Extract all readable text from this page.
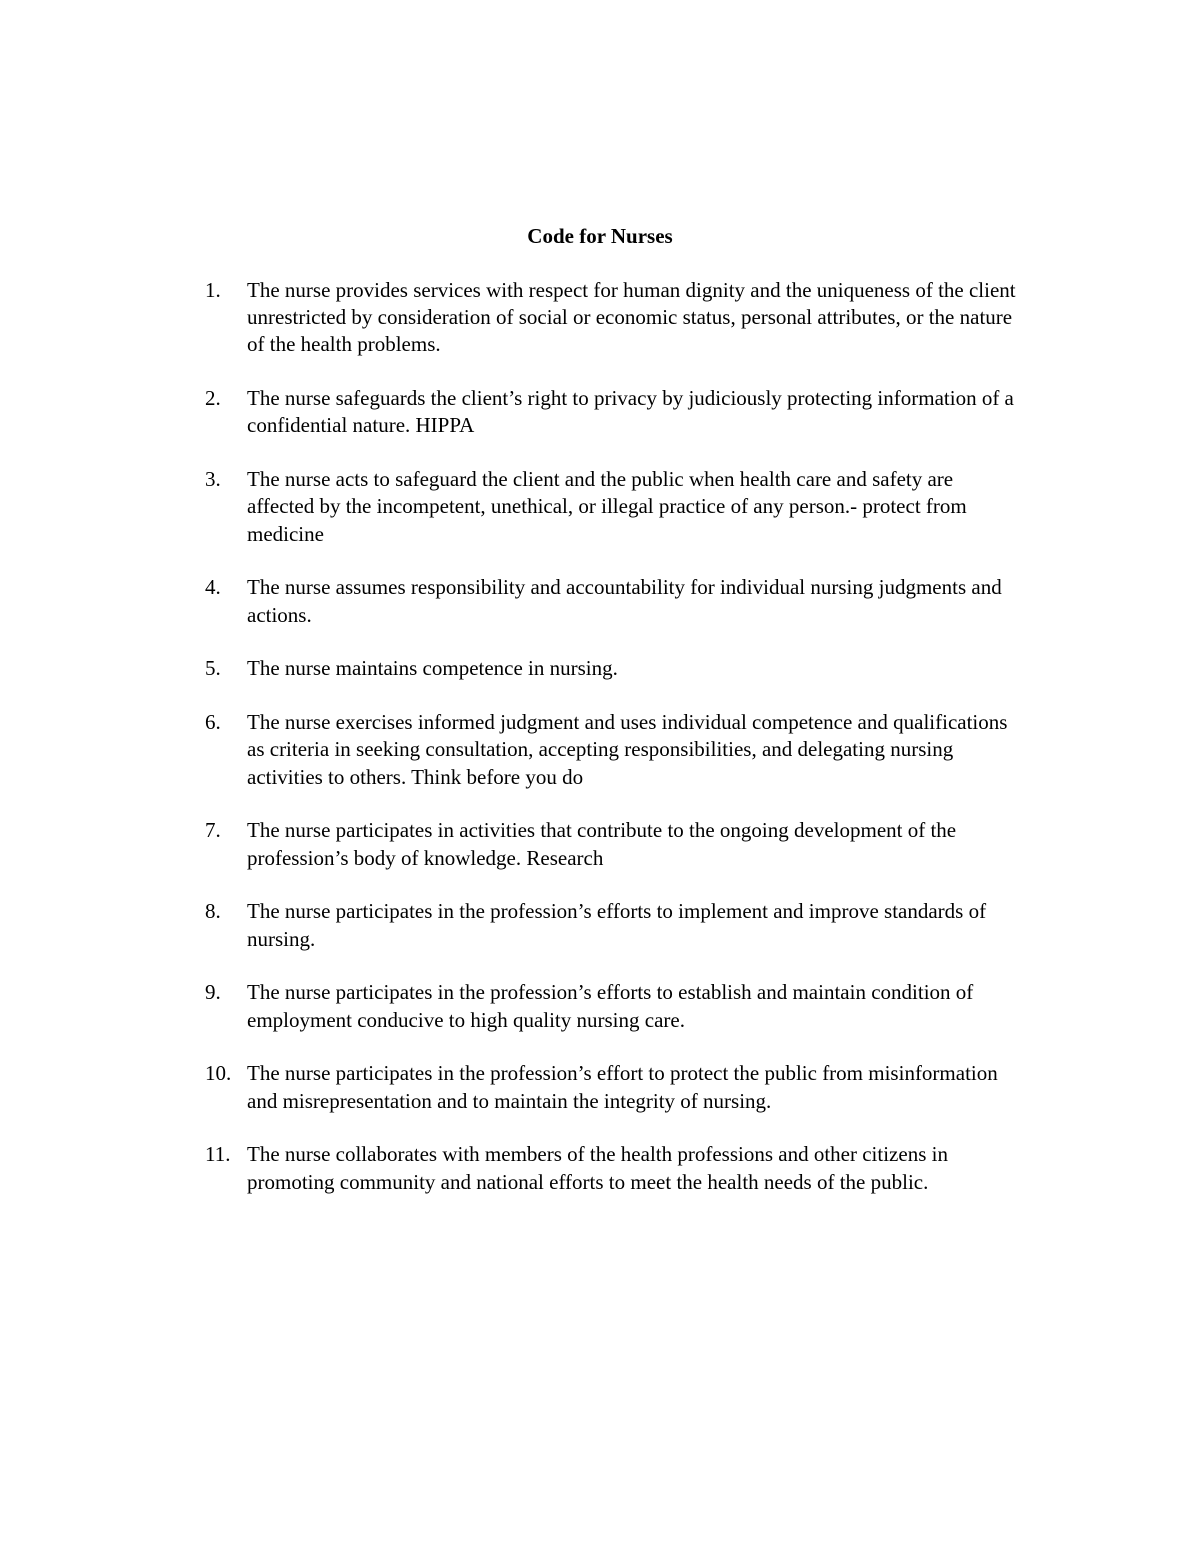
Code for Nurses
1.	The nurse provides services with respect for human dignity and the uniqueness of the client unrestricted by consideration of social or economic status, personal attributes, or the nature of the health problems.
2.	The nurse safeguards the client’s right to privacy by judiciously protecting information of a confidential nature. HIPPA
3.	The nurse acts to safeguard the client and the public when health care and safety are affected by the incompetent, unethical, or illegal practice of any person.- protect from medicine
4.	The nurse assumes responsibility and accountability for individual nursing judgments and actions.
5.	The nurse maintains competence in nursing.
6.	The nurse exercises informed judgment and uses individual competence and qualifications as criteria in seeking consultation, accepting responsibilities, and delegating nursing activities to others. Think before you do
7.	The nurse participates in activities that contribute to the ongoing development of the profession’s body of knowledge. Research
8.	The nurse participates in the profession’s efforts to implement and improve standards of nursing.
9.	The nurse participates in the profession’s efforts to establish and maintain condition of employment conducive to high quality nursing care.
10. The nurse participates in the profession’s effort to protect the public from misinformation and misrepresentation and to maintain the integrity of nursing.
11. The nurse collaborates with members of the health professions and other citizens in promoting community and national efforts to meet the health needs of the public.
